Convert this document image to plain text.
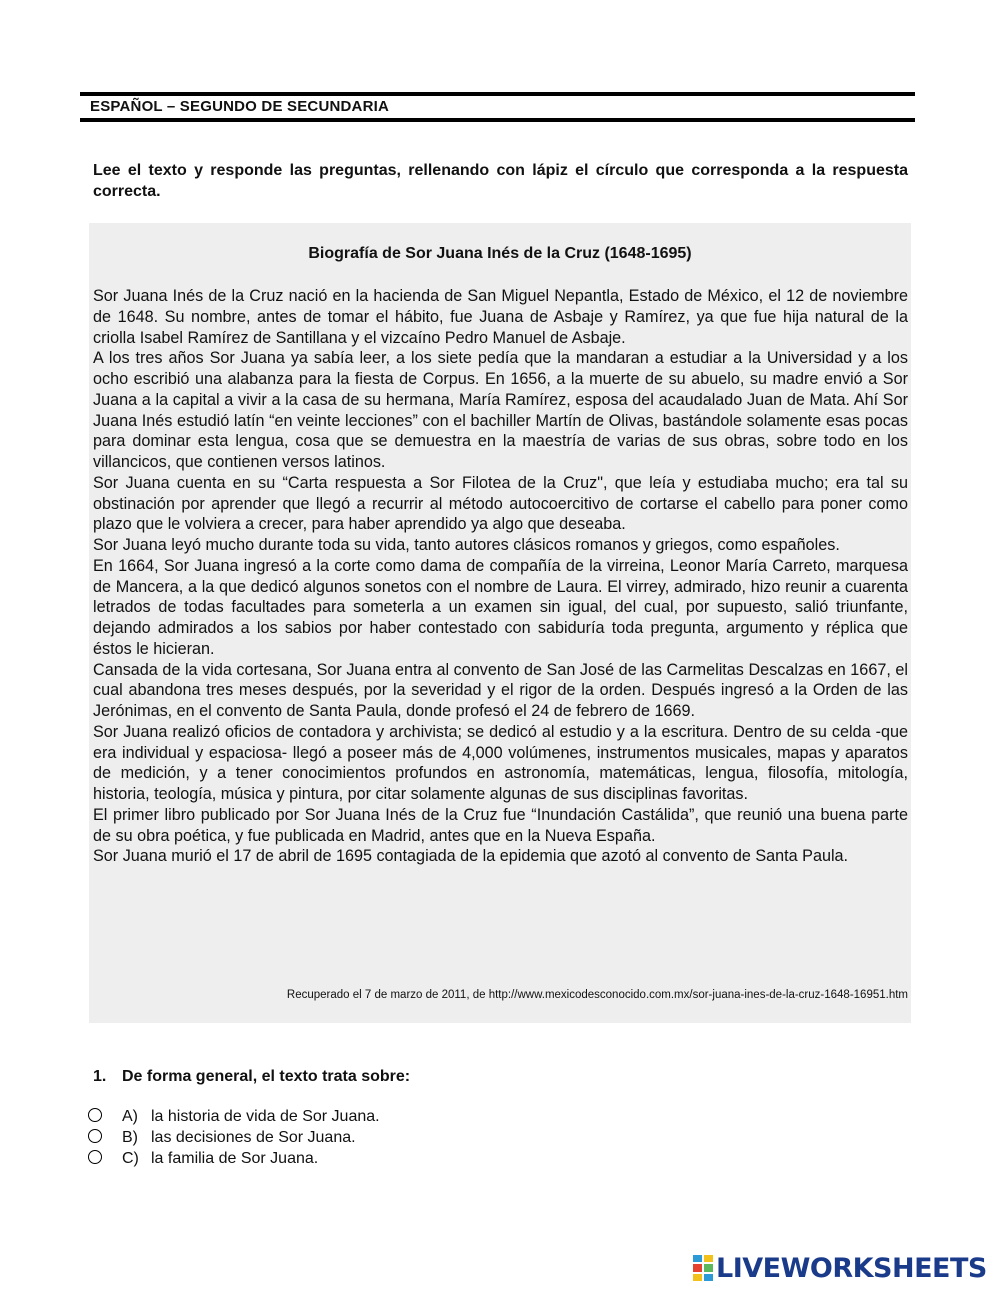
ESPAÑOL – SEGUNDO DE SECUNDARIA
Lee el texto y responde las preguntas, rellenando con lápiz el círculo que corresponda a la respuesta correcta.
Biografía de Sor Juana Inés de la Cruz (1648-1695)

Sor Juana Inés de la Cruz nació en la hacienda de San Miguel Nepantla, Estado de México, el 12 de noviembre de 1648. Su nombre, antes de tomar el hábito, fue Juana de Asbaje y Ramírez, ya que fue hija natural de la criolla Isabel Ramírez de Santillana y el vizcaíno Pedro Manuel de Asbaje.

A los tres años Sor Juana ya sabía leer, a los siete pedía que la mandaran a estudiar a la Universidad y a los ocho escribió una alabanza para la fiesta de Corpus. En 1656, a la muerte de su abuelo, su madre envió a Sor Juana a la capital a vivir a la casa de su hermana, María Ramírez, esposa del acaudalado Juan de Mata. Ahí Sor Juana Inés estudió latín “en veinte lecciones” con el bachiller Martín de Olivas, bastándole solamente esas pocas para dominar esta lengua, cosa que se demuestra en la maestría de varias de sus obras, sobre todo en los villancicos, que contienen versos latinos.

Sor Juana cuenta en su “Carta respuesta a Sor Filotea de la Cruz", que leía y estudiaba mucho; era tal su obstinación por aprender que llegó a recurrir al método autocoercitivo de cortarse el cabello para poner como plazo que le volviera a crecer, para haber aprendido ya algo que deseaba.

Sor Juana leyó mucho durante toda su vida, tanto autores clásicos romanos y griegos, como españoles.

En 1664, Sor Juana ingresó a la corte como dama de compañía de la virreina, Leonor María Carreto, marquesa de Mancera, a la que dedicó algunos sonetos con el nombre de Laura. El virrey, admirado, hizo reunir a cuarenta letrados de todas facultades para someterla a un examen sin igual, del cual, por supuesto, salió triunfante, dejando admirados a los sabios por haber contestado con sabiduría toda pregunta, argumento y réplica que éstos le hicieran.

Cansada de la vida cortesana, Sor Juana entra al convento de San José de las Carmelitas Descalzas en 1667, el cual abandona tres meses después, por la severidad y el rigor de la orden. Después ingresó a la Orden de las Jerónimas, en el convento de Santa Paula, donde profesó el 24 de febrero de 1669.

Sor Juana realizó oficios de contadora y archivista; se dedicó al estudio y a la escritura. Dentro de su celda -que era individual y espaciosa- llegó a poseer más de 4,000 volúmenes, instrumentos musicales, mapas y aparatos de medición, y a tener conocimientos profundos en astronomía, matemáticas, lengua, filosofía, mitología, historia, teología, música y pintura, por citar solamente algunas de sus disciplinas favoritas.

El primer libro publicado por Sor Juana Inés de la Cruz fue “Inundación Castálida”, que reunió una buena parte de su obra poética, y fue publicada en Madrid, antes que en la Nueva España.

Sor Juana murió el 17 de abril de 1695 contagiada de la epidemia que azotó al convento de Santa Paula.

Recuperado el 7 de marzo de 2011, de http://www.mexicodesconocido.com.mx/sor-juana-ines-de-la-cruz-1648-16951.htm
1. De forma general, el texto trata sobre:
A) la historia de vida de Sor Juana.
B) las decisiones de Sor Juana.
C) la familia de Sor Juana.
LIVEWORKSHEETS
